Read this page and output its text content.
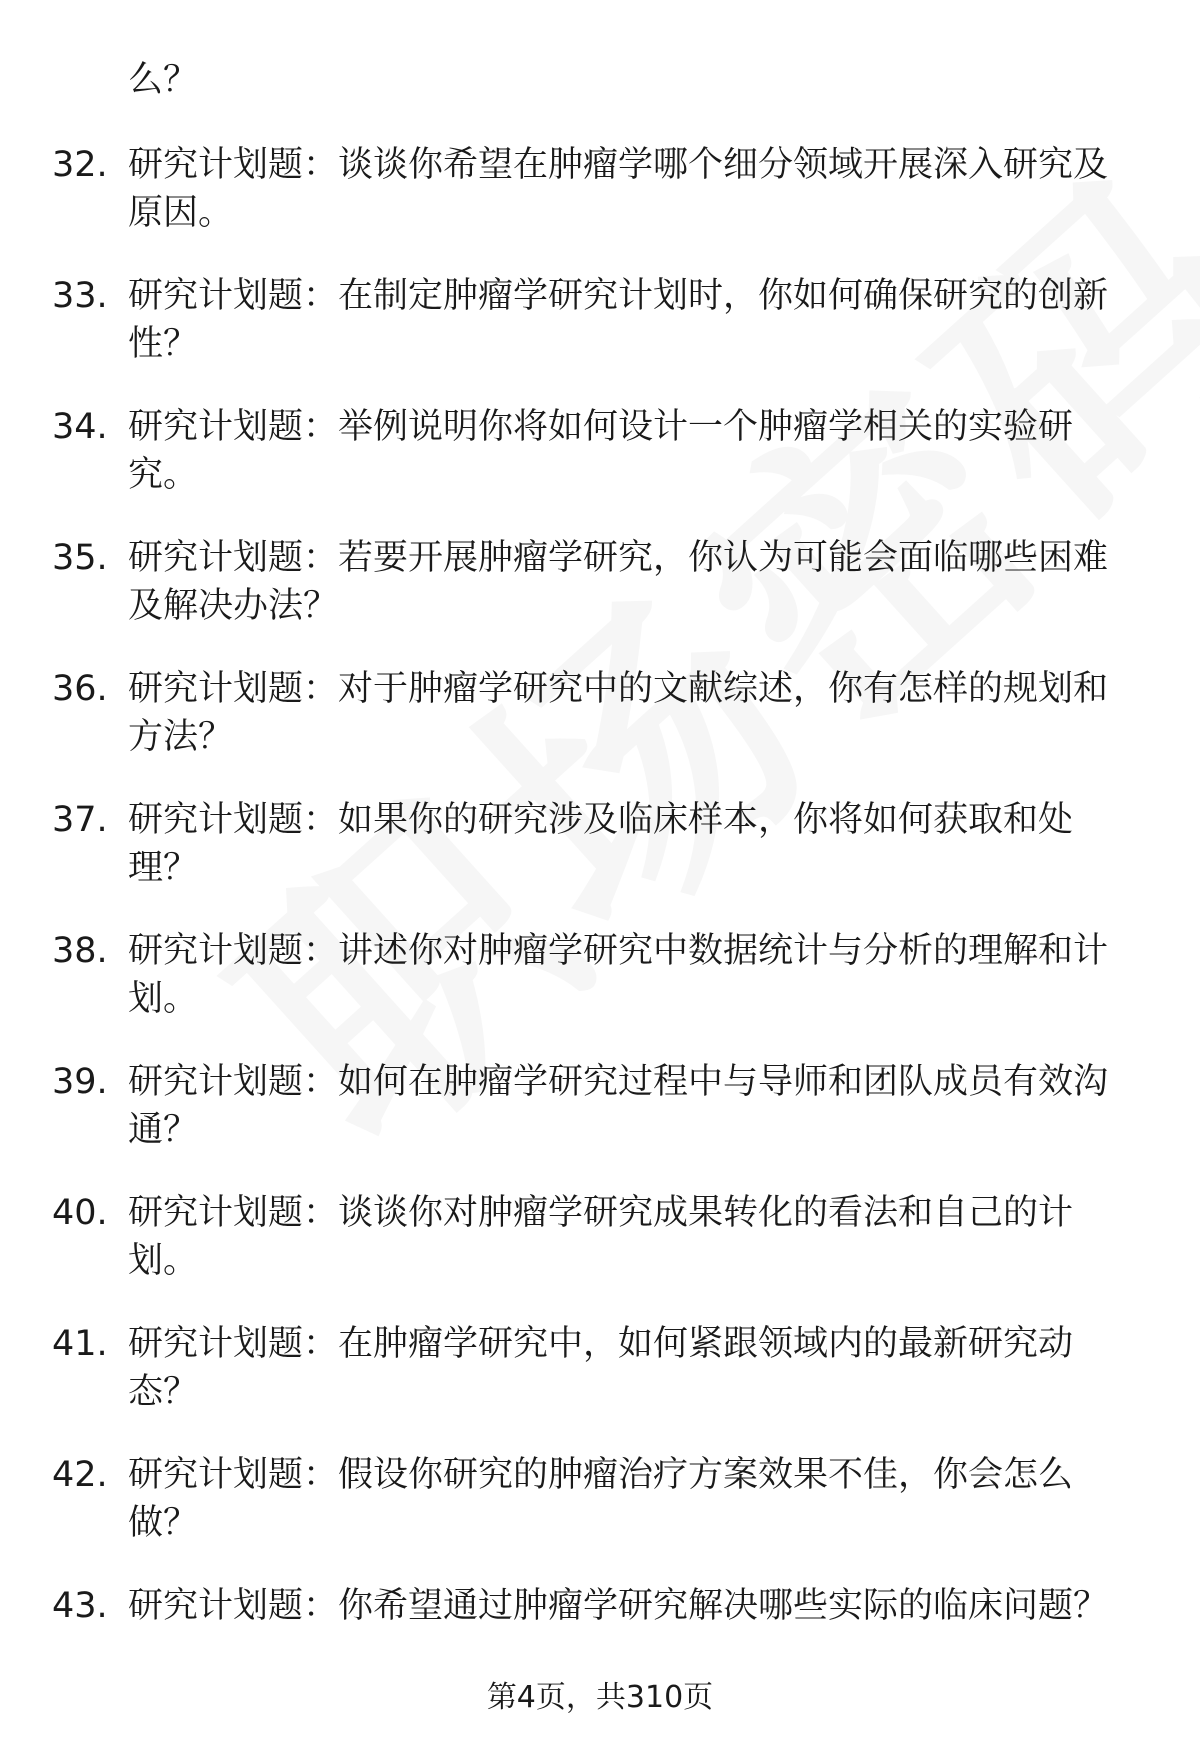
么？
32. 研究计划题：谈谈你希望在肿瘤学哪个细分领域开展深入研究及原因。
33. 研究计划题：在制定肿瘤学研究计划时，你如何确保研究的创新性？
34. 研究计划题：举例说明你将如何设计一个肿瘤学相关的实验研究。
35. 研究计划题：若要开展肿瘤学研究，你认为可能会面临哪些困难及解决办法？
36. 研究计划题：对于肿瘤学研究中的文献综述，你有怎样的规划和方法？
37. 研究计划题：如果你的研究涉及临床样本，你将如何获取和处理？
38. 研究计划题：讲述你对肿瘤学研究中数据统计与分析的理解和计划。
39. 研究计划题：如何在肿瘤学研究过程中与导师和团队成员有效沟通？
40. 研究计划题：谈谈你对肿瘤学研究成果转化的看法和自己的计划。
41. 研究计划题：在肿瘤学研究中，如何紧跟领域内的最新研究动态？
42. 研究计划题：假设你研究的肿瘤治疗方案效果不佳，你会怎么做？
43. 研究计划题：你希望通过肿瘤学研究解决哪些实际的临床问题？
第4页，共310页
